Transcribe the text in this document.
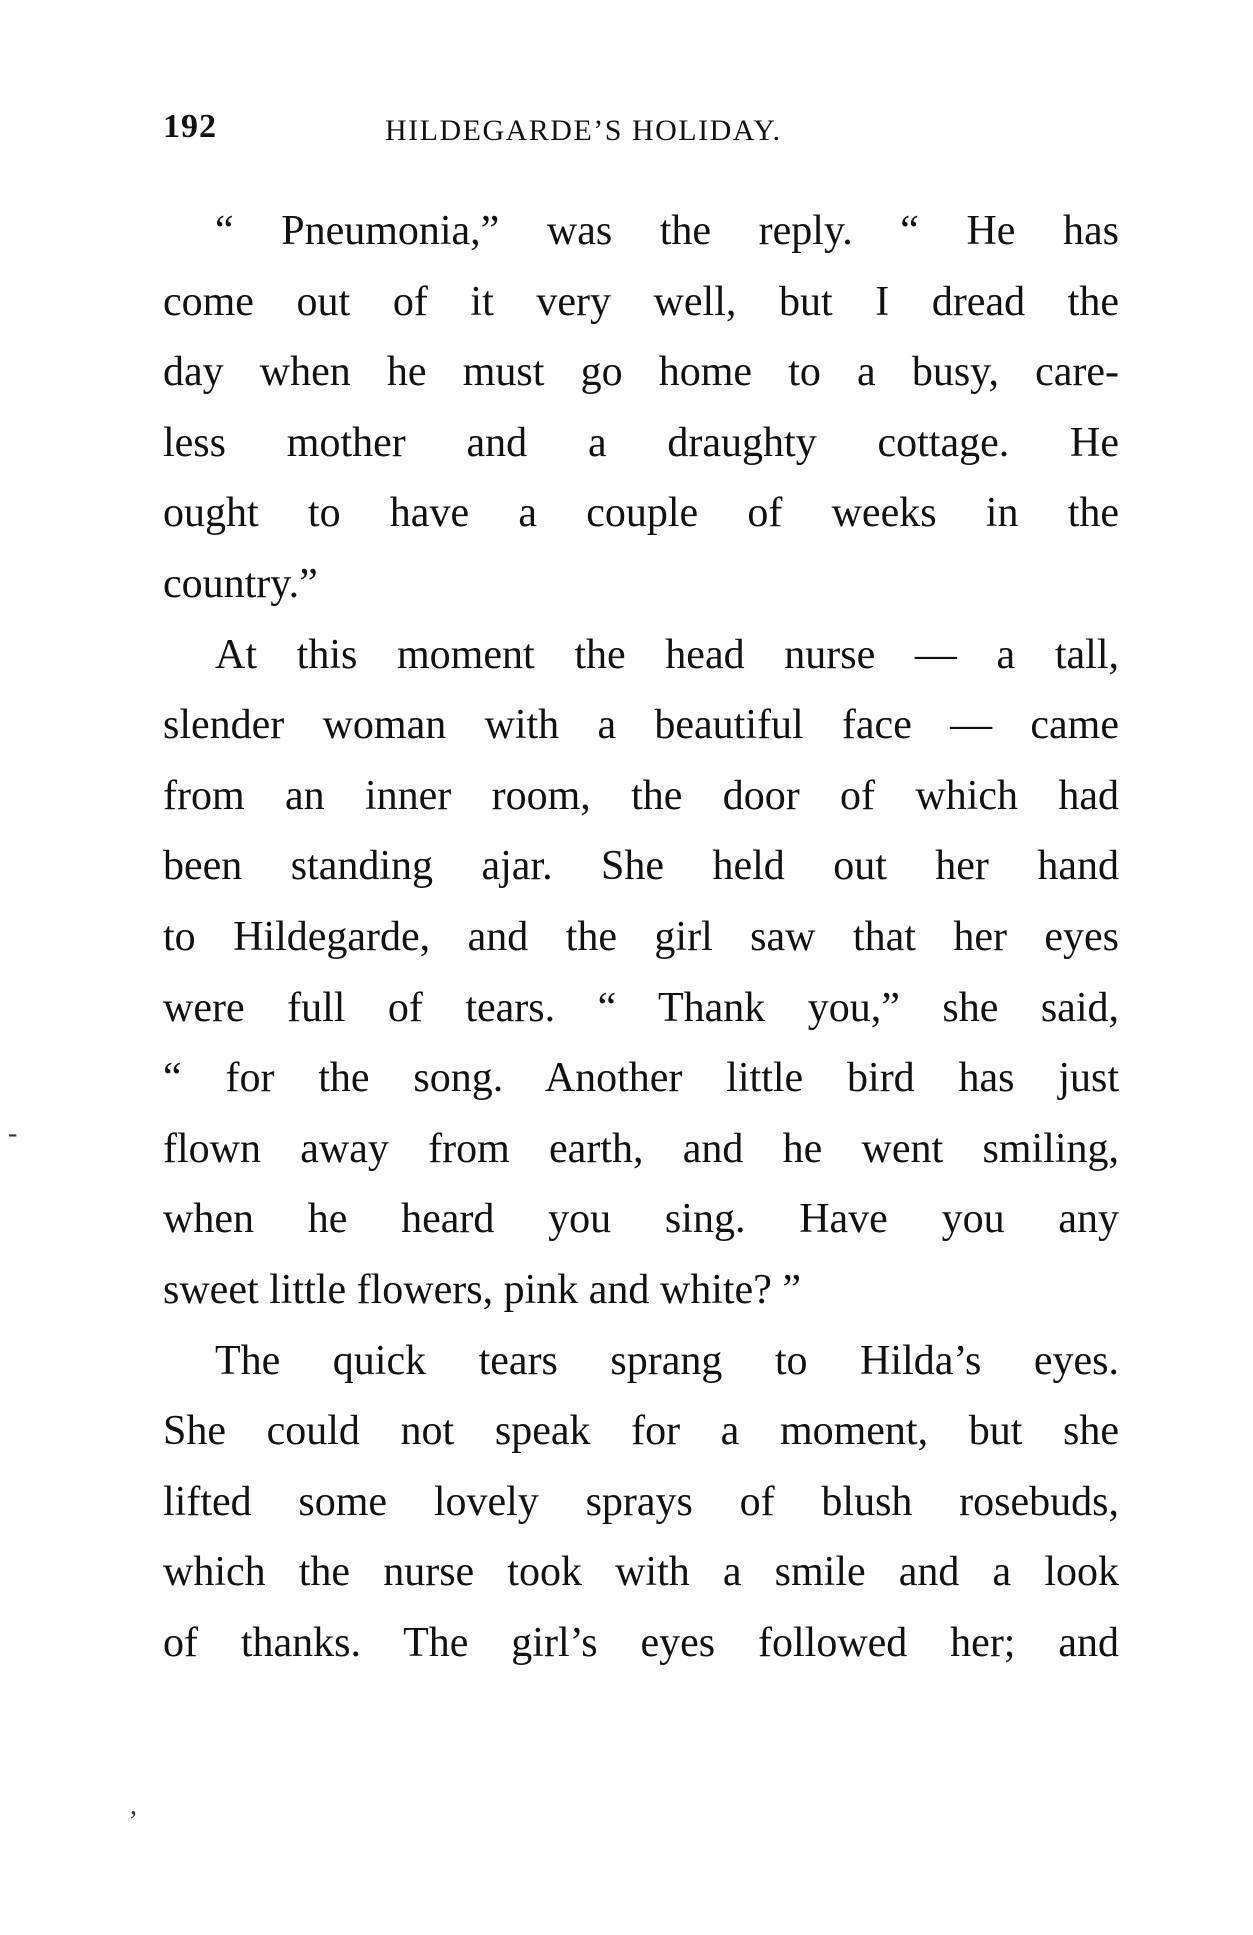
192	HILDEGARDE’S HOLIDAY.
“ Pneumonia,” was the reply. “ He has
come out of it very well, but I dread the
day when he must go home to a busy, care-
less mother and a draughty cottage. He
ought to have a couple of weeks in the
country.”
At this moment the head nurse — a tall,
slender woman with a beautiful face — came
from an inner room, the door of which had
been standing ajar. She held out her hand
to Hildegarde, and the girl saw that her eyes
were full of tears. “ Thank you,” she said,
“ for the song. Another little bird has just
flown away from earth, and he went smiling,
when he heard you sing. Have you any
sweet little flowers, pink and white? ”
The quick tears sprang to Hilda’s eyes.
She could not speak for a moment, but she
lifted some lovely sprays of blush rosebuds,
which the nurse took with a smile and a look
of thanks. The girl’s eyes followed her; and
-
,
